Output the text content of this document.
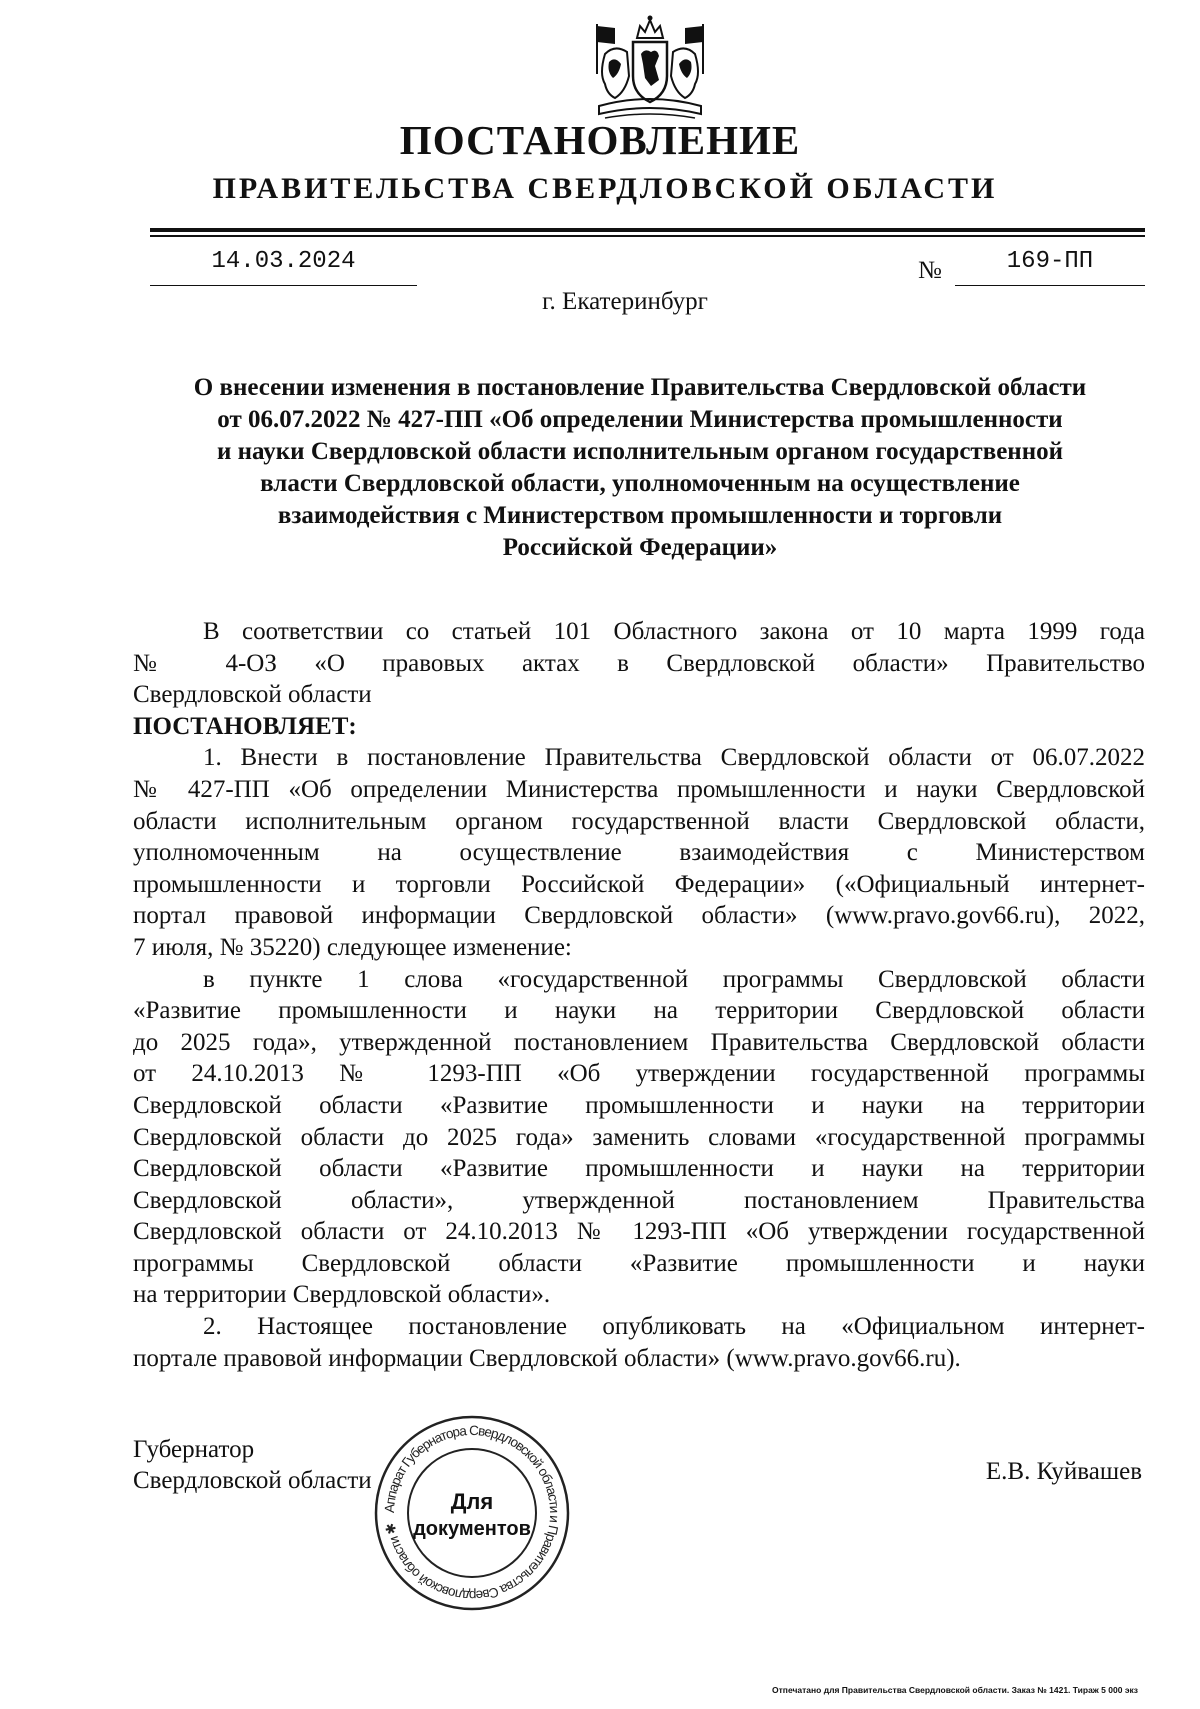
ПОСТАНОВЛЕНИЕ
ПРАВИТЕЛЬСТВА СВЕРДЛОВСКОЙ ОБЛАСТИ
14.03.2024	№	169-ПП
г. Екатеринбург
О внесении изменения в постановление Правительства Свердловской области
от 06.07.2022 № 427-ПП «Об определении Министерства промышленности
и науки Свердловской области исполнительным органом государственной
власти Свердловской области, уполномоченным на осуществление
взаимодействия с Министерством промышленности и торговли
Российской Федерации»
В соответствии со статьей 101 Областного закона от 10 марта 1999 года
№ 4-ОЗ «О правовых актах в Свердловской области» Правительство
Свердловской области
ПОСТАНОВЛЯЕТ:
1. Внести в постановление Правительства Свердловской области от 06.07.2022
№ 427-ПП «Об определении Министерства промышленности и науки Свердловской
области исполнительным органом государственной власти Свердловской области,
уполномоченным на осуществление взаимодействия с Министерством
промышленности и торговли Российской Федерации» («Официальный интернет-
портал правовой информации Свердловской области» (www.pravo.gov66.ru), 2022,
7 июля, № 35220) следующее изменение:
в пункте 1 слова «государственной программы Свердловской области
«Развитие промышленности и науки на территории Свердловской области
до 2025 года», утвержденной постановлением Правительства Свердловской области
от 24.10.2013 № 1293-ПП «Об утверждении государственной программы
Свердловской области «Развитие промышленности и науки на территории
Свердловской области до 2025 года» заменить словами «государственной программы
Свердловской области «Развитие промышленности и науки на территории
Свердловской области», утвержденной постановлением Правительства
Свердловской области от 24.10.2013 № 1293-ПП «Об утверждении государственной
программы Свердловской области «Развитие промышленности и науки
на территории Свердловской области».
2. Настоящее постановление опубликовать на «Официальном интернет-
портале правовой информации Свердловской области» (www.pravo.gov66.ru).
Губернатор
Свердловской области	Е.В. Куйвашев
Аппарат Губернатора Свердловской области и Правительства Свердловской области ✱
Для
документов
Отпечатано для Правительства Свердловской области. Заказ № 1421. Тираж 5 000 экз
